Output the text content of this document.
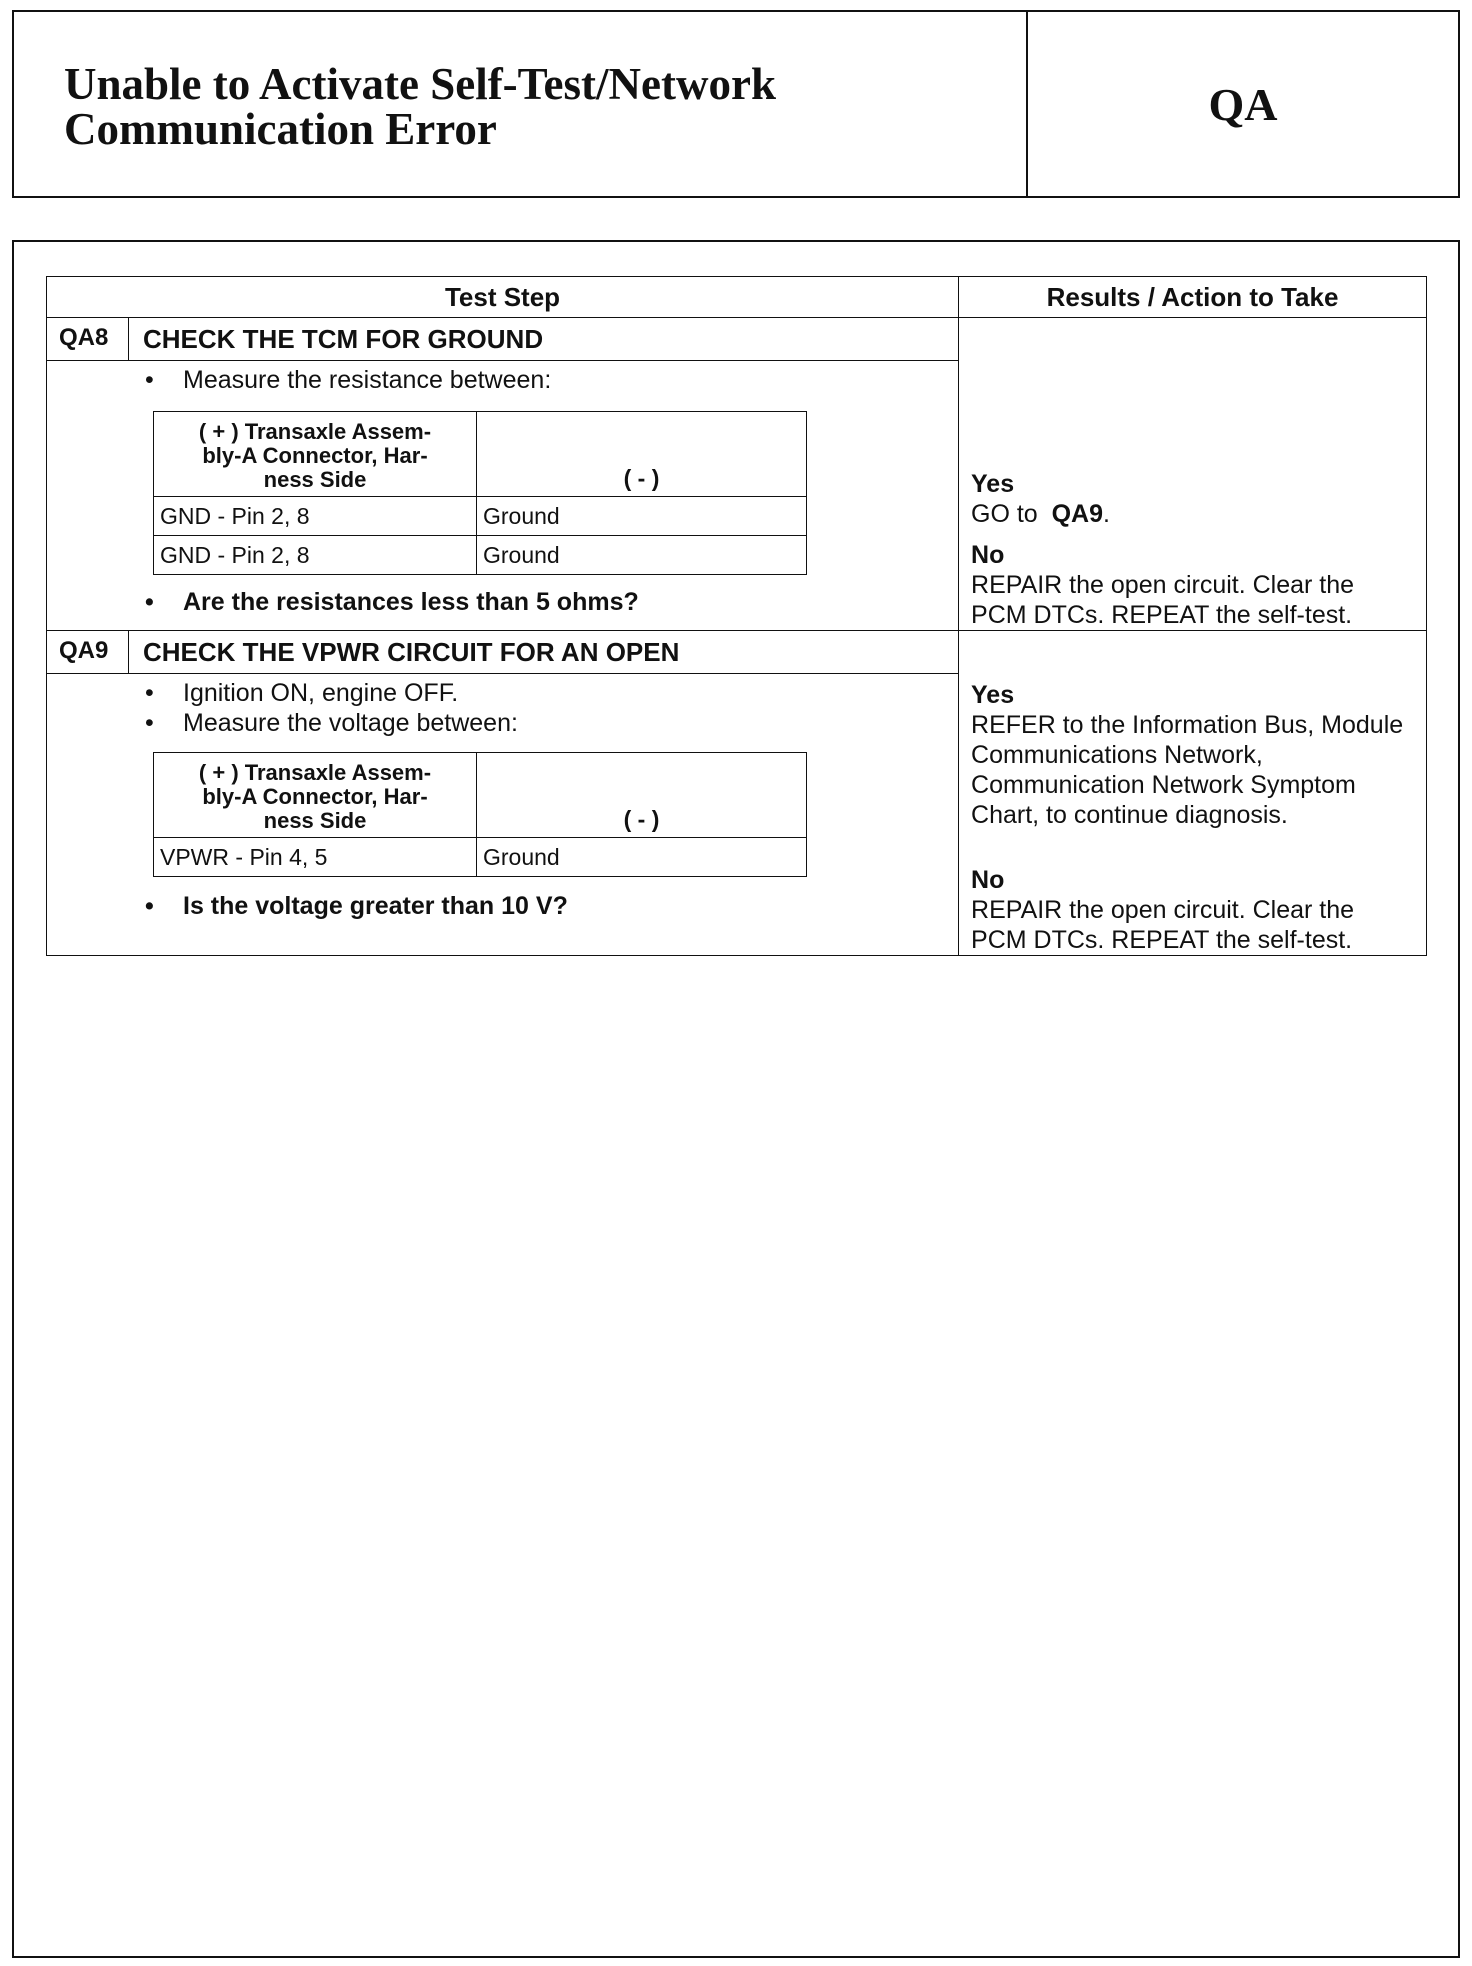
Unable to Activate Self-Test/Network
Communication Error	QA
Test Step	Results / Action to Take
QA8	CHECK THE TCM FOR GROUND	
Yes
GO to QA9.
No
REPAIR the open circuit. Clear the PCM DTCs. REPEAT the self-test.

•	Measure the resistance between:
( + ) Transaxle Assem-
bly-A Connector, Har-
ness Side	( - )
GND - Pin 2, 8	Ground
GND - Pin 2, 8	Ground
•	Are the resistances less than 5 ohms?

QA9	CHECK THE VPWR CIRCUIT FOR AN OPEN	
Yes
REFER to the Information Bus, Module Communications Network, Communication Network Symptom Chart, to continue diagnosis.
No
REPAIR the open circuit. Clear the PCM DTCs. REPEAT the self-test.

•	Ignition ON, engine OFF.
•	Measure the voltage between:
( + ) Transaxle Assem-
bly-A Connector, Har-
ness Side	( - )
VPWR - Pin 4, 5	Ground
•	Is the voltage greater than 10 V?
